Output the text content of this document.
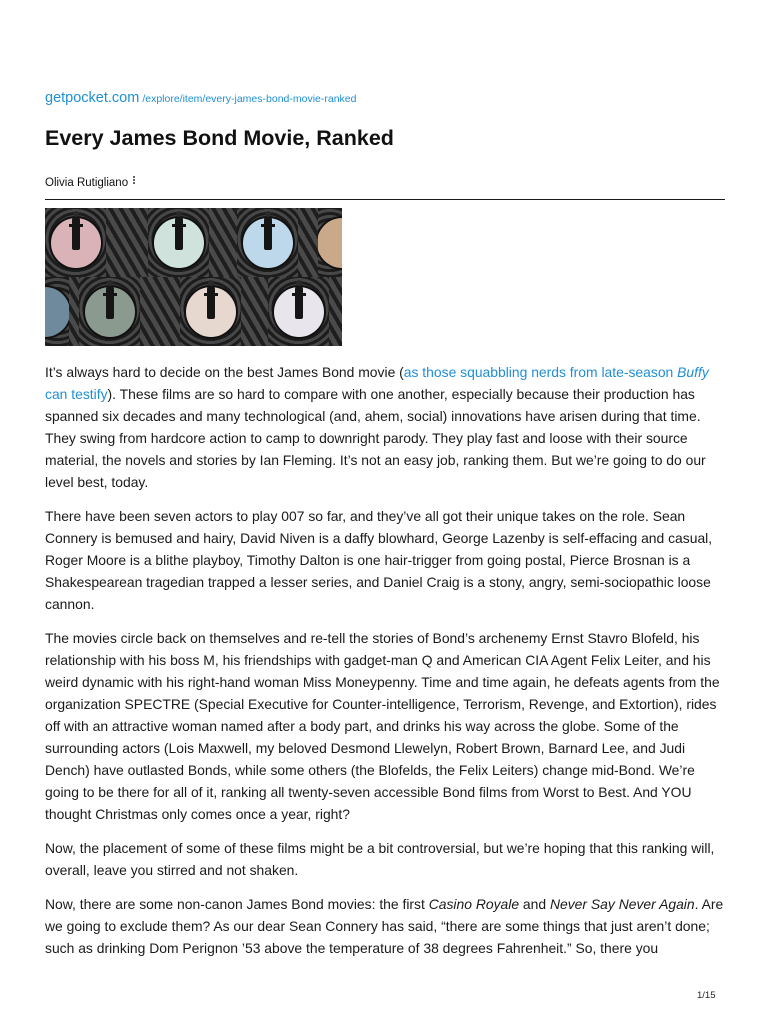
getpocket.com /explore/item/every-james-bond-movie-ranked
Every James Bond Movie, Ranked
Olivia Rutigliano

It’s always hard to decide on the best James Bond movie (as those squabbling nerds from late-season Buffy can testify). These films are so hard to compare with one another, especially because their production has spanned six decades and many technological (and, ahem, social) innovations have arisen during that time. They swing from hardcore action to camp to downright parody. They play fast and loose with their source material, the novels and stories by Ian Fleming. It’s not an easy job, ranking them. But we’re going to do our level best, today.

There have been seven actors to play 007 so far, and they’ve all got their unique takes on the role. Sean Connery is bemused and hairy, David Niven is a daffy blowhard, George Lazenby is self-effacing and casual, Roger Moore is a blithe playboy, Timothy Dalton is one hair-trigger from going postal, Pierce Brosnan is a Shakespearean tragedian trapped a lesser series, and Daniel Craig is a stony, angry, semi-sociopathic loose cannon.

The movies circle back on themselves and re-tell the stories of Bond’s archenemy Ernst Stavro Blofeld, his relationship with his boss M, his friendships with gadget-man Q and American CIA Agent Felix Leiter, and his weird dynamic with his right-hand woman Miss Moneypenny. Time and time again, he defeats agents from the organization SPECTRE (Special Executive for Counter-intelligence, Terrorism, Revenge, and Extortion), rides off with an attractive woman named after a body part, and drinks his way across the globe. Some of the surrounding actors (Lois Maxwell, my beloved Desmond Llewelyn, Robert Brown, Barnard Lee, and Judi Dench) have outlasted Bonds, while some others (the Blofelds, the Felix Leiters) change mid-Bond. We’re going to be there for all of it, ranking all twenty-seven accessible Bond films from Worst to Best. And YOU thought Christmas only comes once a year, right?

Now, the placement of some of these films might be a bit controversial, but we’re hoping that this ranking will, overall, leave you stirred and not shaken.

Now, there are some non-canon James Bond movies: the first Casino Royale and Never Say Never Again. Are we going to exclude them? As our dear Sean Connery has said, “there are some things that just aren’t done; such as drinking Dom Perignon ’53 above the temperature of 38 degrees Fahrenheit.” So, there you

1/15
